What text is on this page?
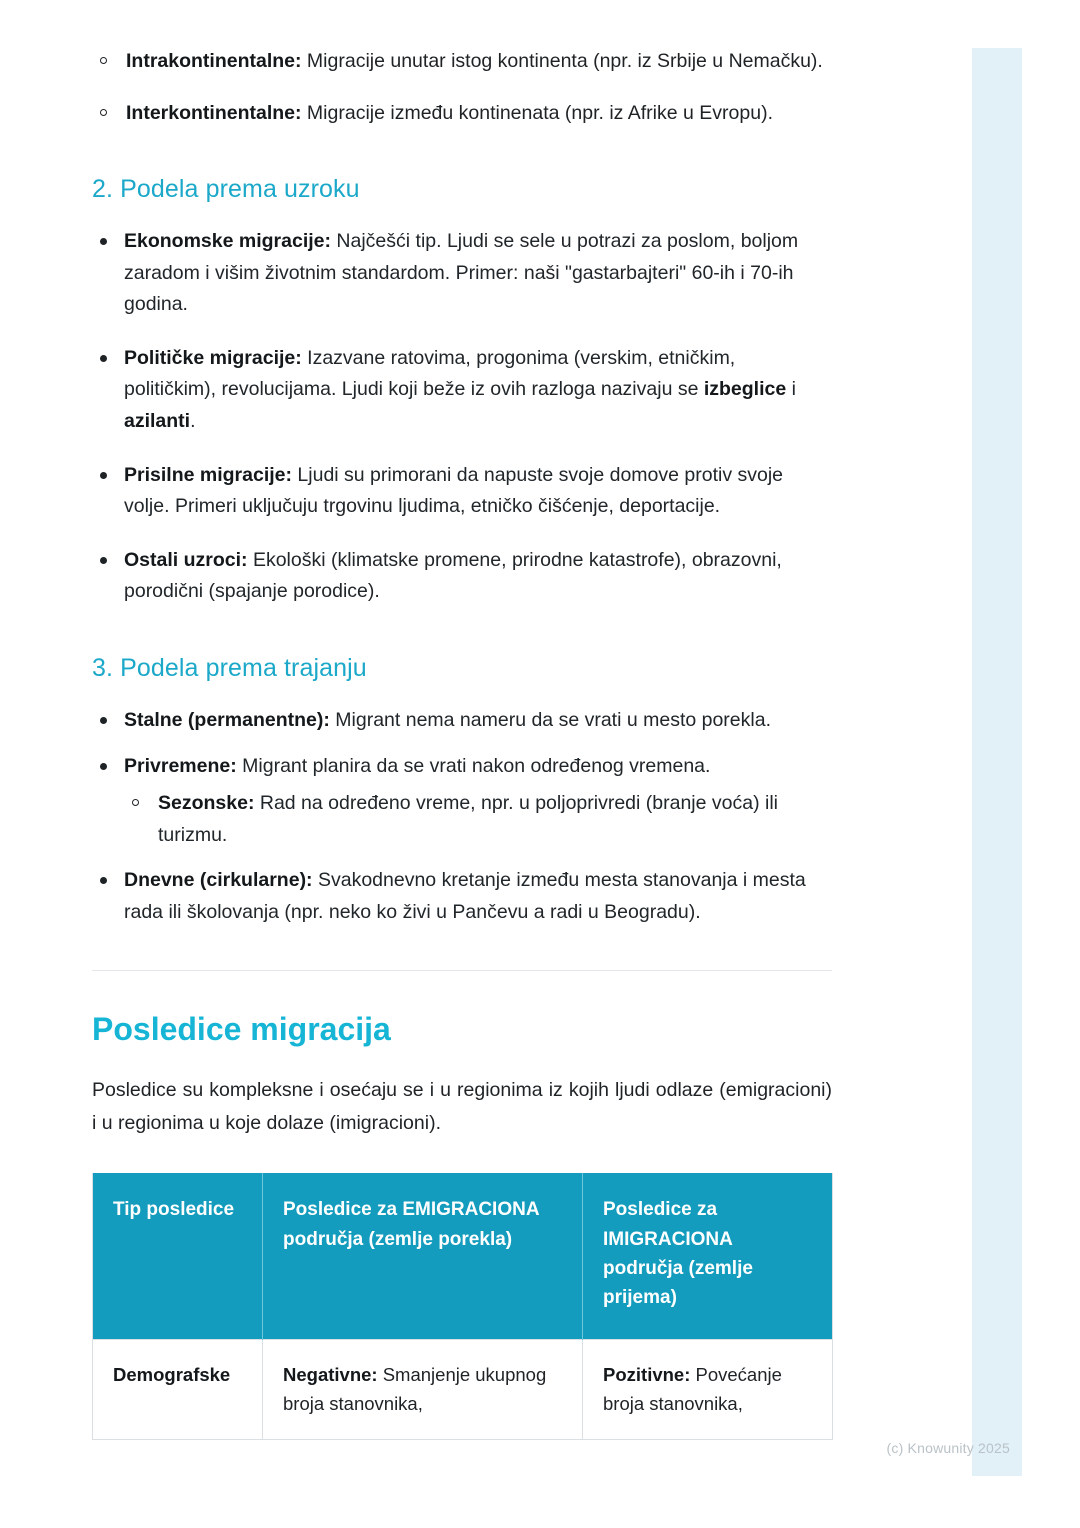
(c) Knowunity 2025
Intrakontinentalne: Migracije unutar istog kontinenta (npr. iz Srbije u Nemačku).
Interkontinentalne: Migracije između kontinenata (npr. iz Afrike u Evropu).
2. Podela prema uzroku
Ekonomske migracije: Najčešći tip. Ljudi se sele u potrazi za poslom, boljom zaradom i višim životnim standardom. Primer: naši "gastarbajteri" 60-ih i 70-ih godina.
Političke migracije: Izazvane ratovima, progonima (verskim, etničkim, političkim), revolucijama. Ljudi koji beže iz ovih razloga nazivaju se izbeglice i azilanti.
Prisilne migracije: Ljudi su primorani da napuste svoje domove protiv svoje volje. Primeri uključuju trgovinu ljudima, etničko čišćenje, deportacije.
Ostali uzroci: Ekološki (klimatske promene, prirodne katastrofe), obrazovni, porodični (spajanje porodice).
3. Podela prema trajanju
Stalne (permanentne): Migrant nema nameru da se vrati u mesto porekla.
Privremene: Migrant planira da se vrati nakon određenog vremena.
Sezonske: Rad na određeno vreme, npr. u poljoprivredi (branje voća) ili turizmu.
Dnevne (cirkularne): Svakodnevno kretanje između mesta stanovanja i mesta rada ili školovanja (npr. neko ko živi u Pančevu a radi u Beogradu).
Posledice migracija

Posledice su kompleksne i osećaju se i u regionima iz kojih ljudi odlaze (emigracioni) i u regionima u koje dolaze (imigracioni).

Tip posledice	Posledice za EMIGRACIONA područja (zemlje porekla)	Posledice za IMIGRACIONA područja (zemlje prijema)
Demografske	Negativne: Smanjenje ukupnog broja stanovnika,	Pozitivne: Povećanje broja stanovnika,
